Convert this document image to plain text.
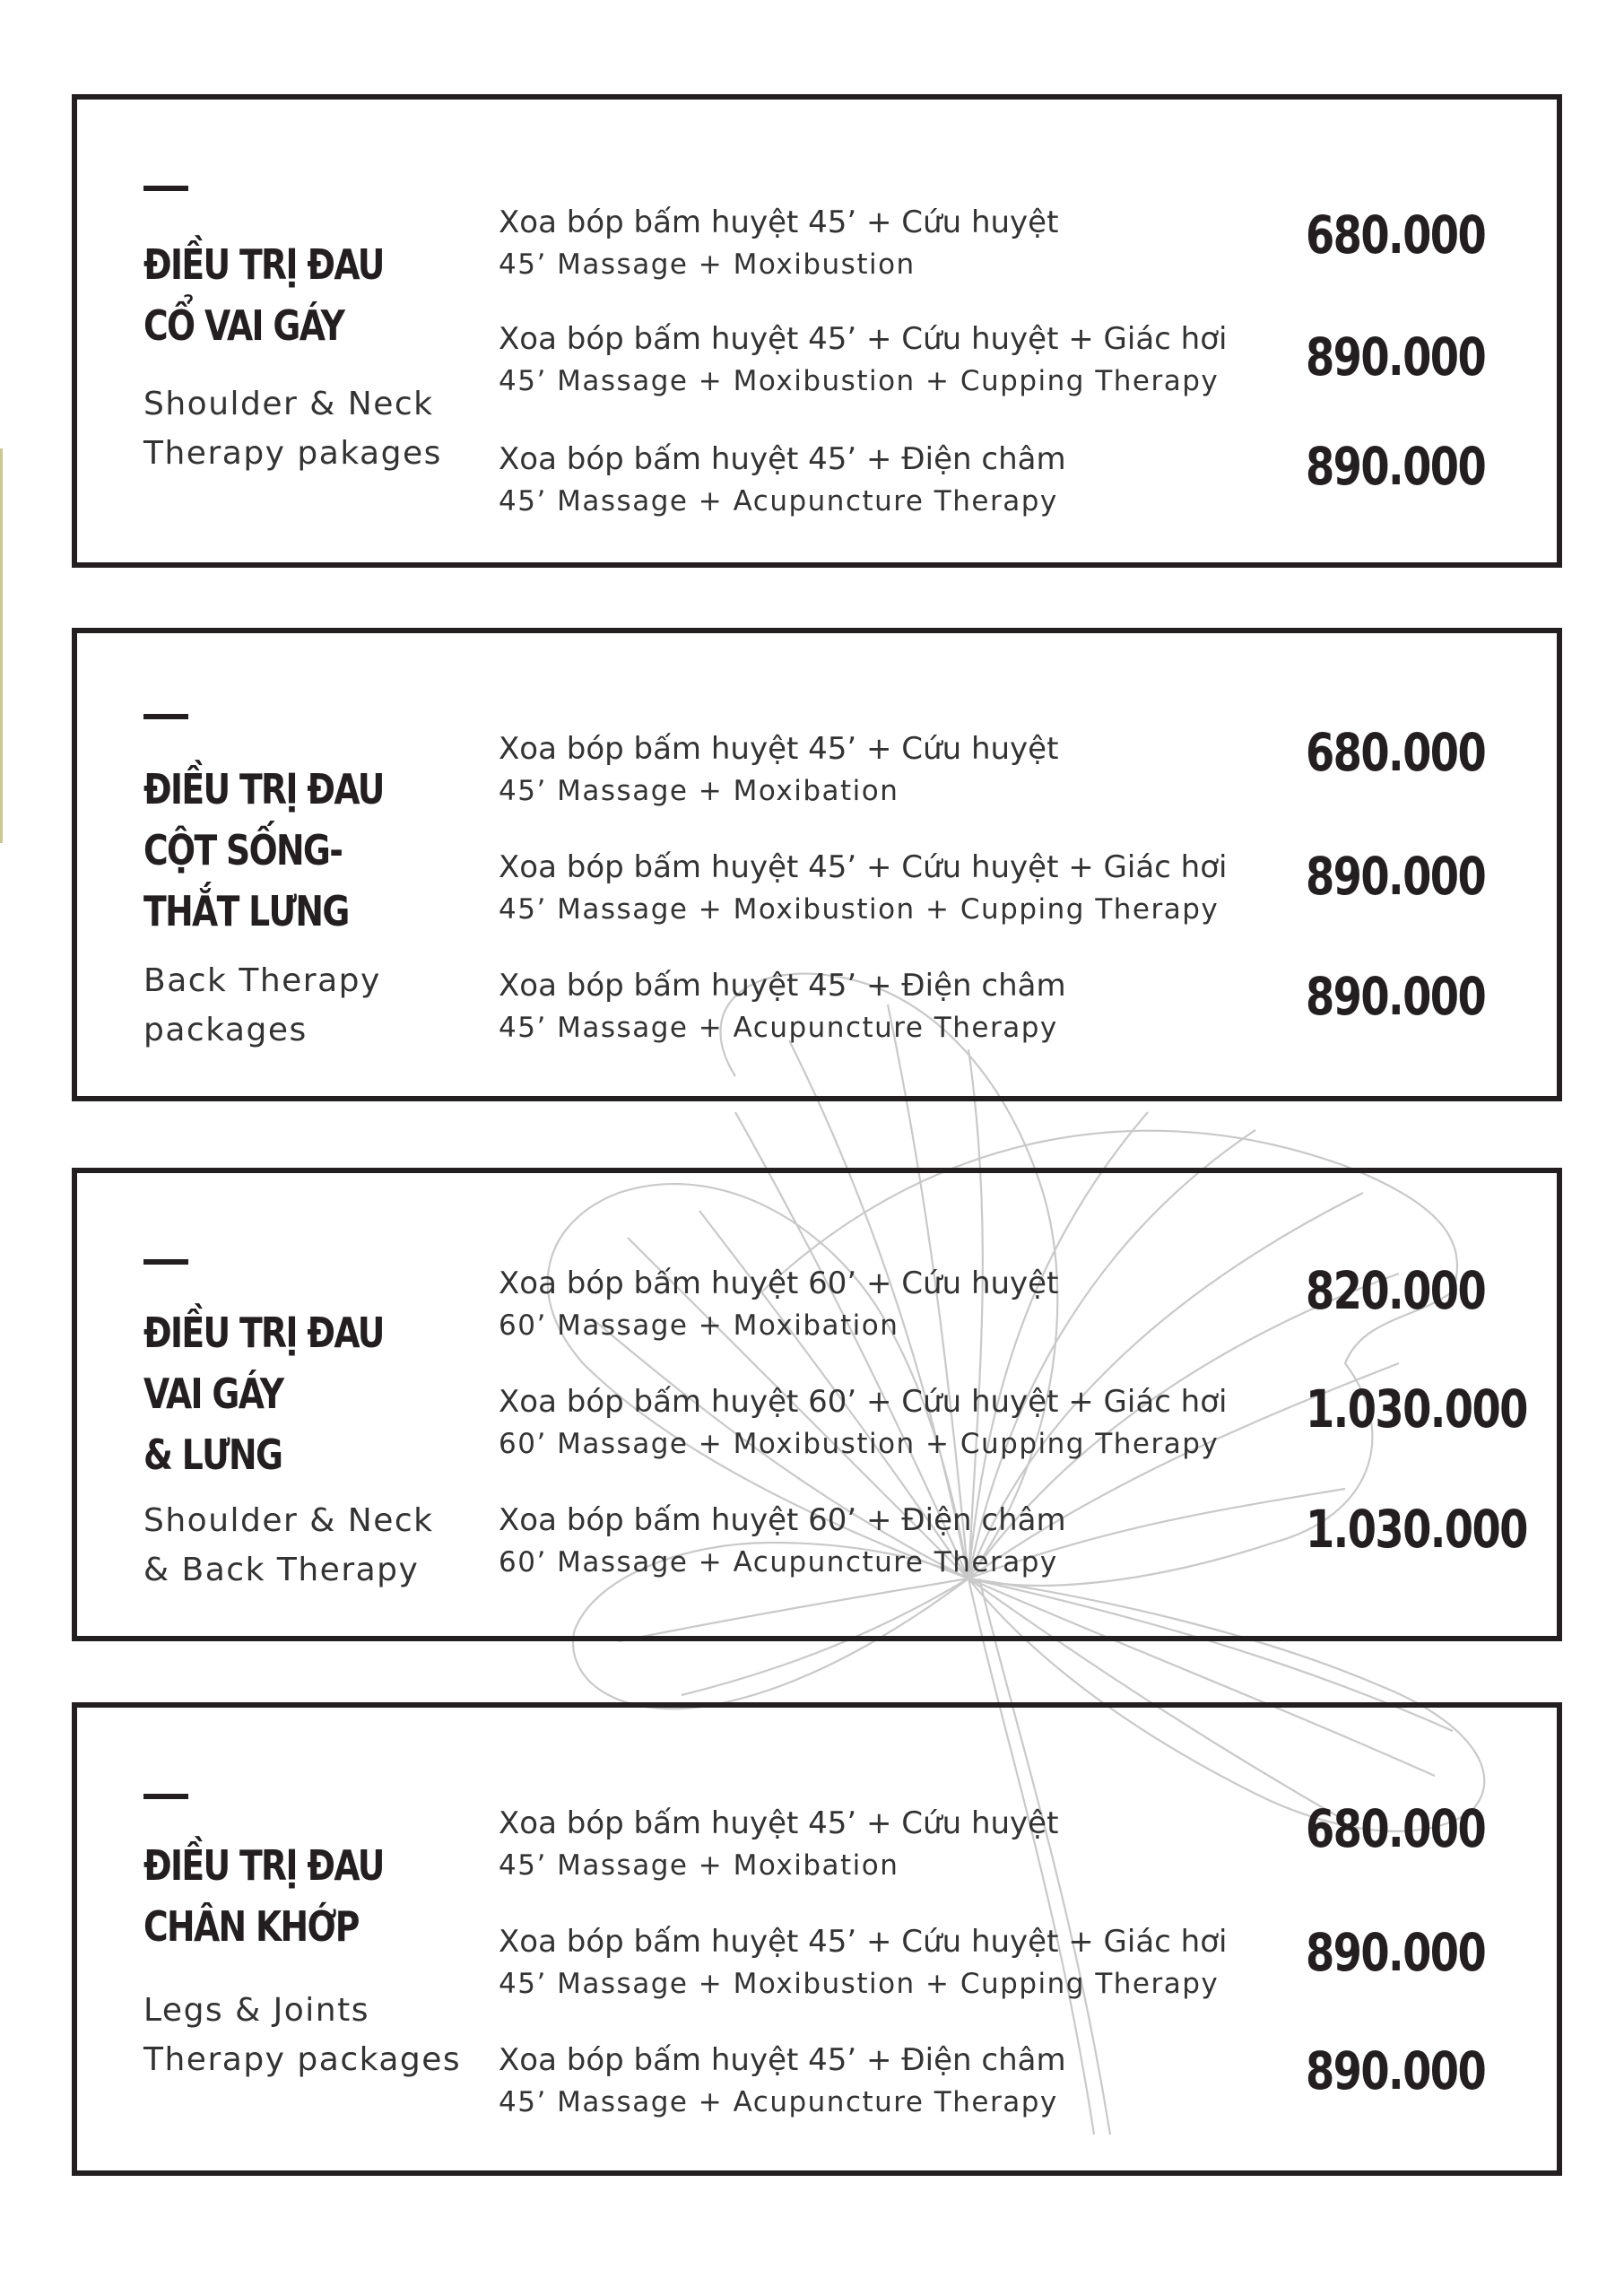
ĐIỀU TRỊ ĐAU
CỔ VAI GÁY
Shoulder & Neck
Therapy pakages
Xoa bóp bấm huyệt 45’ + Cứu huyệt
45’ Massage + Moxibustion	680.000
Xoa bóp bấm huyệt 45’ + Cứu huyệt + Giác hơi
45’ Massage + Moxibustion + Cupping Therapy	890.000
Xoa bóp bấm huyệt 45’ + Điện châm
45’ Massage + Acupuncture Therapy
890.000
ĐIỀU TRỊ ĐAU
CỘT SỐNG-
THẮT LƯNG
Back Therapy
packages
Xoa bóp bấm huyệt 45’ + Cứu huyệt
45’ Massage + Moxibation
680.000
Xoa bóp bấm huyệt 45’ + Cứu huyệt + Giác hơi
45’ Massage + Moxibustion + Cupping Therapy
890.000
Xoa bóp bấm huyệt 45’ + Điện châm
45’ Massage + Acupuncture Therapy
890.000
ĐIỀU TRỊ ĐAU
VAI GÁY
& LƯNG
Shoulder & Neck
& Back Therapy
Xoa bóp bấm huyệt 60’ + Cứu huyệt
60’ Massage + Moxibation
820.000
Xoa bóp bấm huyệt 60’ + Cứu huyệt + Giác hơi
60’ Massage + Moxibustion + Cupping Therapy
1.030.000
Xoa bóp bấm huyệt 60’ + Điện châm
60’ Massage + Acupuncture Therapy
1.030.000
ĐIỀU TRỊ ĐAU
CHÂN KHỚP
Legs & Joints
Therapy packages
Xoa bóp bấm huyệt 45’ + Cứu huyệt
45’ Massage + Moxibation
680.000
Xoa bóp bấm huyệt 45’ + Cứu huyệt + Giác hơi
45’ Massage + Moxibustion + Cupping Therapy
890.000
Xoa bóp bấm huyệt 45’ + Điện châm
45’ Massage + Acupuncture Therapy
890.000
